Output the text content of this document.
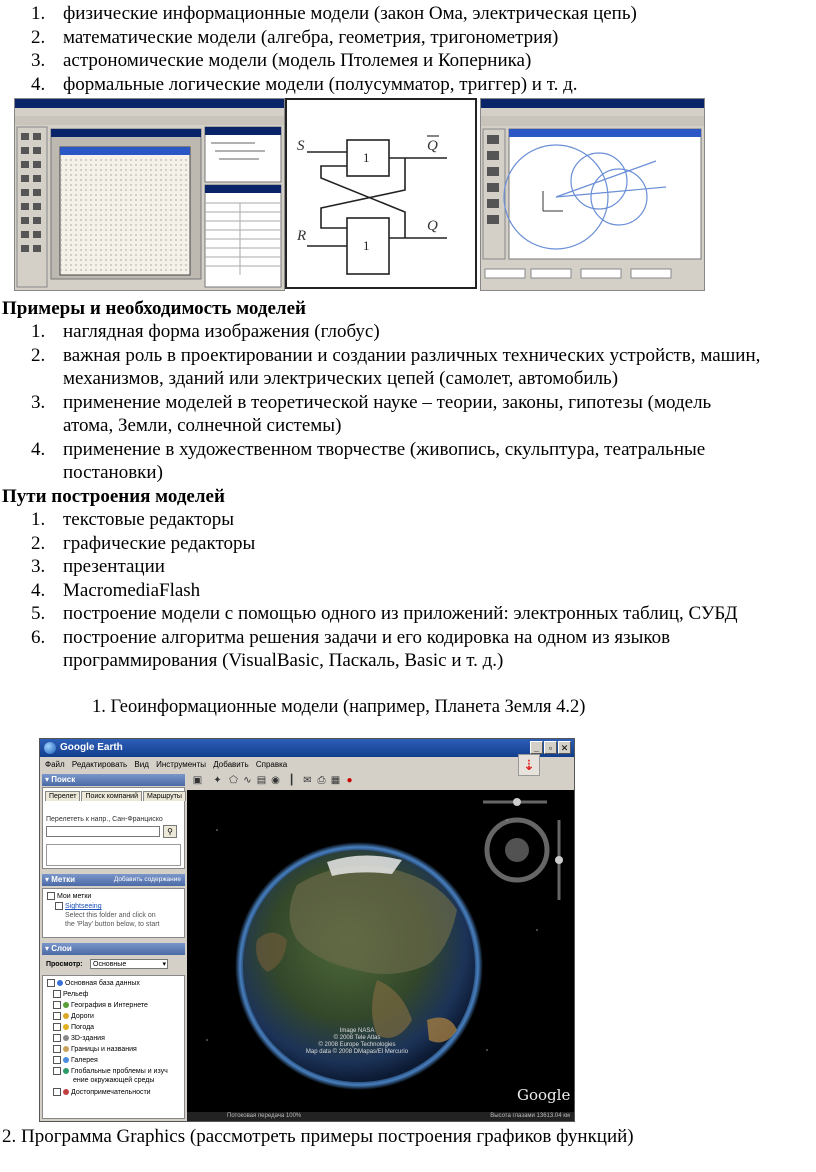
1. физические информационные модели (закон Ома, электрическая цепь)
2. математические модели (алгебра, геометрия, тригонометрия)
3. астрономические модели (модель Птолемея и Коперника)
4. формальные логические модели (полусумматор, триггер) и т. д.
S
R
Q
Q
1
1
Примеры и необходимость моделей
1. наглядная форма изображения (глобус)
2. важная роль в проектировании и создании различных технических устройств, машин,
механизмов, зданий или электрических цепей (самолет, автомобиль)
3. применение моделей в теоретической науке – теории, законы, гипотезы (модель
атома, Земли, солнечной системы)
4. применение в художественном творчестве (живопись, скульптура, театральные
постановки)
Пути построения моделей
1. текстовые редакторы
2. графические редакторы
3. презентации
4. MacromediaFlash
5. построение модели с помощью одного из приложений: электронных таблиц, СУБД
6. построение алгоритма решения задачи и его кодировка на одном из языков
программирования (VisualBasic, Паскаль, Basic и т. д.)
1. Геоинформационные модели (например, Планета Земля 4.2)
Google Earth	_	▫ ✕
Файл Редактировать Вид Инструменты Добавить Справка	⇣
▣ ✦ ⬠ ∿ ▤ ◉ ┃ ✉ ⎙ ▦ ●
▾ Поиск
Перелет Поиск компаний Маршруты
Перелететь к напр., Сан-Франциско
⚲
▾ Метки	Добавить содержание
Мои метки
Sightseeing
Select this folder and click on
the 'Play' button below, to start
▾ Слои
Просмотр:	Основные	▾
Основная база данных
Рельеф
География в Интернете
Дороги
Погода
3D-здания
Границы и названия
Галерея
Глобальные проблемы и изуч
ение окружающей среды
Достопримечательности
Image NASA
© 2008 Tele Atlas
© 2008 Europe Technologies
Map data © 2008 DMapas/El Mercurio
Google
Потоковая передача 100%	Высота глазами 13613.04 км
2. Программа Graphics (рассмотреть примеры построения графиков функций)
